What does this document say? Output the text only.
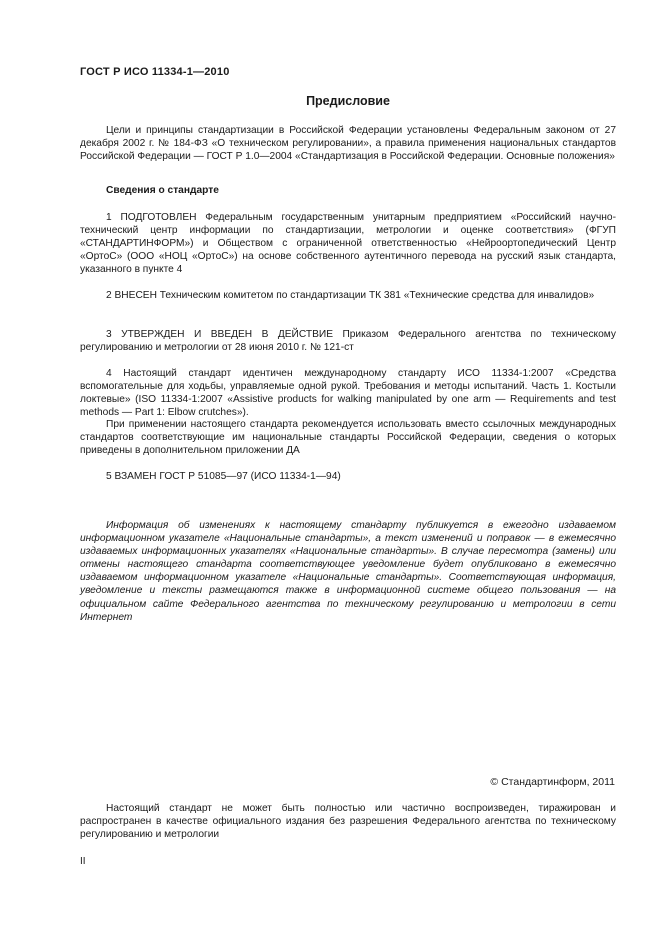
ГОСТ Р ИСО 11334-1—2010
Предисловие

Цели и принципы стандартизации в Российской Федерации установлены Федеральным законом от 27 декабря 2002 г. № 184-ФЗ «О техническом регулировании», а правила применения национальных стандартов Российской Федерации — ГОСТ Р 1.0—2004 «Стандартизация в Российской Федерации. Основные положения»

Сведения о стандарте

1 ПОДГОТОВЛЕН Федеральным государственным унитарным предприятием «Российский научно-технический центр информации по стандартизации, метрологии и оценке соответствия» (ФГУП «СТАНДАРТИНФОРМ») и Обществом с ограниченной ответственностью «Нейроортопедический Центр «ОртоС» (ООО «НОЦ «ОртоС») на основе собственного аутентичного перевода на русский язык стандарта, указанного в пункте 4

2 ВНЕСЕН Техническим комитетом по стандартизации ТК 381 «Технические средства для инвалидов»

3 УТВЕРЖДЕН И ВВЕДЕН В ДЕЙСТВИЕ Приказом Федерального агентства по техническому регулированию и метрологии от 28 июня 2010 г. № 121-ст

4 Настоящий стандарт идентичен международному стандарту ИСО 11334-1:2007 «Средства вспомогательные для ходьбы, управляемые одной рукой. Требования и методы испытаний. Часть 1. Костыли локтевые» (ISO 11334-1:2007 «Assistive products for walking manipulated by one arm — Requirements and test methods — Part 1: Elbow crutches»).

При применении настоящего стандарта рекомендуется использовать вместо ссылочных международных стандартов соответствующие им национальные стандарты Российской Федерации, сведения о которых приведены в дополнительном приложении ДА

5 ВЗАМЕН ГОСТ Р 51085—97 (ИСО 11334-1—94)

Информация об изменениях к настоящему стандарту публикуется в ежегодно издаваемом информационном указателе «Национальные стандарты», а текст изменений и поправок — в ежемесячно издаваемых информационных указателях «Национальные стандарты». В случае пересмотра (замены) или отмены настоящего стандарта соответствующее уведомление будет опубликовано в ежемесячно издаваемом информационном указателе «Национальные стандарты». Соответствующая информация, уведомление и тексты размещаются также в информационной системе общего пользования — на официальном сайте Федерального агентства по техническому регулированию и метрологии в сети Интернет

© Стандартинформ, 2011

Настоящий стандарт не может быть полностью или частично воспроизведен, тиражирован и распространен в качестве официального издания без разрешения Федерального агентства по техническому регулированию и метрологии

II
